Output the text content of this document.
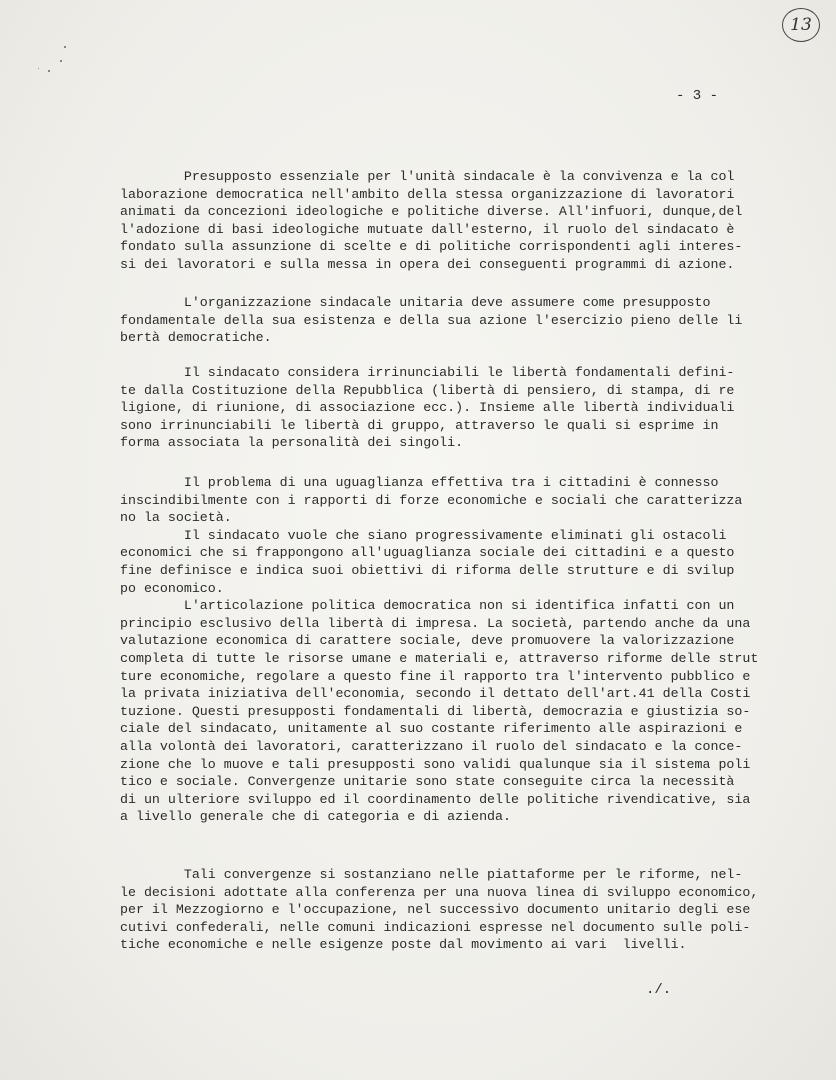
13
- 3 -

Presupposto essenziale per l'unità sindacale è la convivenza e la col
laborazione democratica nell'ambito della stessa organizzazione di lavoratori
animati da concezioni ideologiche e politiche diverse. All'infuori, dunque,del
l'adozione di basi ideologiche mutuate dall'esterno, il ruolo del sindacato è
fondato sulla assunzione di scelte e di politiche corrispondenti agli interes-
si dei lavoratori e sulla messa in opera dei conseguenti programmi di azione.

L'organizzazione sindacale unitaria deve assumere come presupposto
fondamentale della sua esistenza e della sua azione l'esercizio pieno delle li
bertà democratiche.

Il sindacato considera irrinunciabili le libertà fondamentali defini-
te dalla Costituzione della Repubblica (libertà di pensiero, di stampa, di re
ligione, di riunione, di associazione ecc.). Insieme alle libertà individuali
sono irrinunciabili le libertà di gruppo, attraverso le quali si esprime in
forma associata la personalità dei singoli.

Il problema di una uguaglianza effettiva tra i cittadini è connesso
inscindibilmente con i rapporti di forze economiche e sociali che caratterizza
no la società.
Il sindacato vuole che siano progressivamente eliminati gli ostacoli
economici che si frappongono all'uguaglianza sociale dei cittadini e a questo
fine definisce e indica suoi obiettivi di riforma delle strutture e di svilup
po economico.
L'articolazione politica democratica non si identifica infatti con un
principio esclusivo della libertà di impresa. La società, partendo anche da una
valutazione economica di carattere sociale, deve promuovere la valorizzazione
completa di tutte le risorse umane e materiali e, attraverso riforme delle strut
ture economiche, regolare a questo fine il rapporto tra l'intervento pubblico e
la privata iniziativa dell'economia, secondo il dettato dell'art.41 della Costi
tuzione. Questi presupposti fondamentali di libertà, democrazia e giustizia so-
ciale del sindacato, unitamente al suo costante riferimento alle aspirazioni e
alla volontà dei lavoratori, caratterizzano il ruolo del sindacato e la conce-
zione che lo muove e tali presupposti sono validi qualunque sia il sistema poli
tico e sociale. Convergenze unitarie sono state conseguite circa la necessità
di un ulteriore sviluppo ed il coordinamento delle politiche rivendicative, sia
a livello generale che di categoria e di azienda.

Tali convergenze si sostanziano nelle piattaforme per le riforme, nel-
le decisioni adottate alla conferenza per una nuova linea di sviluppo economico,
per il Mezzogiorno e l'occupazione, nel successivo documento unitario degli ese
cutivi confederali, nelle comuni indicazioni espresse nel documento sulle poli-
tiche economiche e nelle esigenze poste dal movimento ai vari  livelli.

./.
